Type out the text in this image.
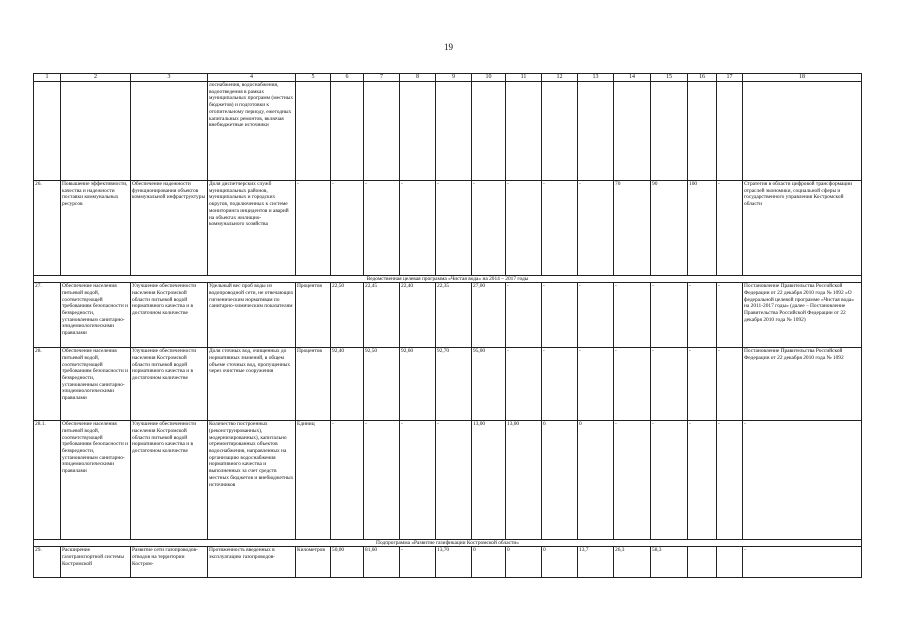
19
1	2	3	4	5	6	7	8	9	10	11	12	13	14	15	16	17	18
			лоснабжения, водоснабжения, водоотведения в рамках муниципальных программ (местных бюджетов) и подготовки к отопительному периоду, ежегодных капитальных ремонтов, включая внебюджетные источники														
26.	Повышение эффективности, качества и надежности поставки коммунальных ресурсов	Обеспечение надежности функционирования объектов коммунальной инфраструктуры	Доля диспетчерских служб муниципальных районов, муниципальных и городских округов, подключенных к системе мониторинга инцидентов и аварий на объектах жилищно-коммунального хозяйства	-	-	-	-	-	-	-	-	-	70	90	100	-	Стратегия в области цифровой трансформации отраслей экономики, социальной сферы и государственного управления Костромской области
Ведомственная целевая программа «Чистая вода» на 2014 – 2017 годы																	
27.	Обеспечение населения питьевой водой, соответствующей требованиям безопасности и безвредности, установленным санитарно-эпидемиологическими правилами	Улучшение обеспеченности населения Костромской области питьевой водой нормативного качества и в достаточном количестве	Удельный вес проб воды из водопроводной сети, не отвечающих гигиеническим нормативам по санитарно-химическим показателям	Процентов	22,50	22,45	22,40	22,35	27,00	-	-	-	-	-	-	-	Постановление Правительства Российской Федерации от 22 декабря 2010 года № 1092 «О федеральной целевой программе «Чистая вода» на 2011-2017 годы» (далее – Постановление Правительства Российской Федерации от 22 декабря 2010 года № 1092)
28.	Обеспечение населения питьевой водой, соответствующей требованиям безопасности и безвредности, установленным санитарно-эпидемиологическими правилами	Улучшение обеспеченности населения Костромской области питьевой водой нормативного качества и в достаточном количестве	Доля сточных вод, очищенных до нормативных значений, в общем объеме сточных вод, пропущенных через очистные сооружения	Процентов	92,40	92,50	92,60	92,70	95,00	-	-	-	-	-	-	-	Постановление Правительства Российской Федерации от 22 декабря 2010 года № 1092
28.1.	Обеспечение населения питьевой водой, соответствующей требованиям безопасности и безвредности, установленным санитарно-эпидемиологическими правилами	Улучшение обеспеченности населения Костромской области питьевой водой нормативного качества и в достаточном количестве	Количество построенных (реконструированных), модернизированных), капитально отремонтированных объектов водоснабжения, направленных на организацию водоснабжения нормативного качества и выполненных за счет средств местных бюджетов и внебюджетных источников	Единиц	-	-	-	-	13,00	13,00	6	0	-	-	-	-	-
Подпрограмма «Развитие газификации Костромской области»																	
29.	Расширение газотранспортной системы Костромской	Развитие сети газопроводов-отводов на территории Костром-	Протяженность введенных в эксплуатацию газопроводов-	Километров	50,00	81,60	-	13,70	0	0	0	13,7	26,3	58,3			-
